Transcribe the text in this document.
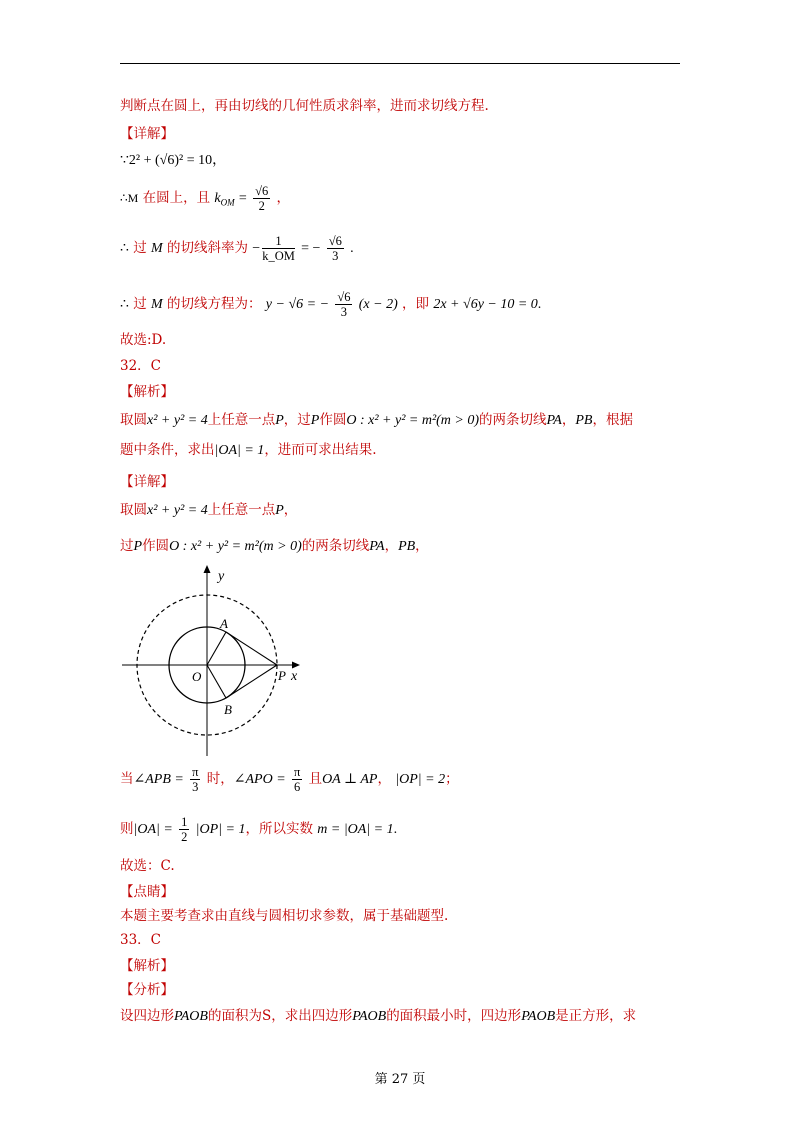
判断点在圆上，再由切线的几何性质求斜率，进而求切线方程.
【详解】
∵2² + (√6)² = 10，
∴M 在圆上，且 $k_{OM} = \frac{√6}{2}$ ，
∴ 过 M 的切线斜率为 − $\frac{1}{k\_OM}$ = − $\frac{√6}{3}$ .
∴ 过 M 的切线方程为： y − √6 = − $\frac{√6}{3} (x - 2)$ ，即 2x + √6y − 10 = 0.
故选:D.
32．C
【解析】
取圆x² + y² = 4上任意一点P，过P作圆O : x² + y² = m²(m > 0)的两条切线PA，PB，根据
题中条件，求出|OA| = 1，进而可求出结果.
【详解】
取圆x² + y² = 4上任意一点P，
过P作圆O : x² + y² = m²(m > 0)的两条切线PA，PB，
y
x
A
B
O	P
当∠APB = $\frac{\pi}{3}$ 时，∠APO = $\frac{\pi}{6}$ 且OA ⊥ AP， |OP| = 2；
则$|OA| = \frac{1}{2} |OP| = 1$，所以实数 m = |OA| = 1.
故选：C.
【点睛】
本题主要考查求由直线与圆相切求参数，属于基础题型.
33．C
【解析】
【分析】
设四边形PAOB的面积为S，求出四边形PAOB的面积最小时，四边形PAOB是正方形，求
第 27 页
